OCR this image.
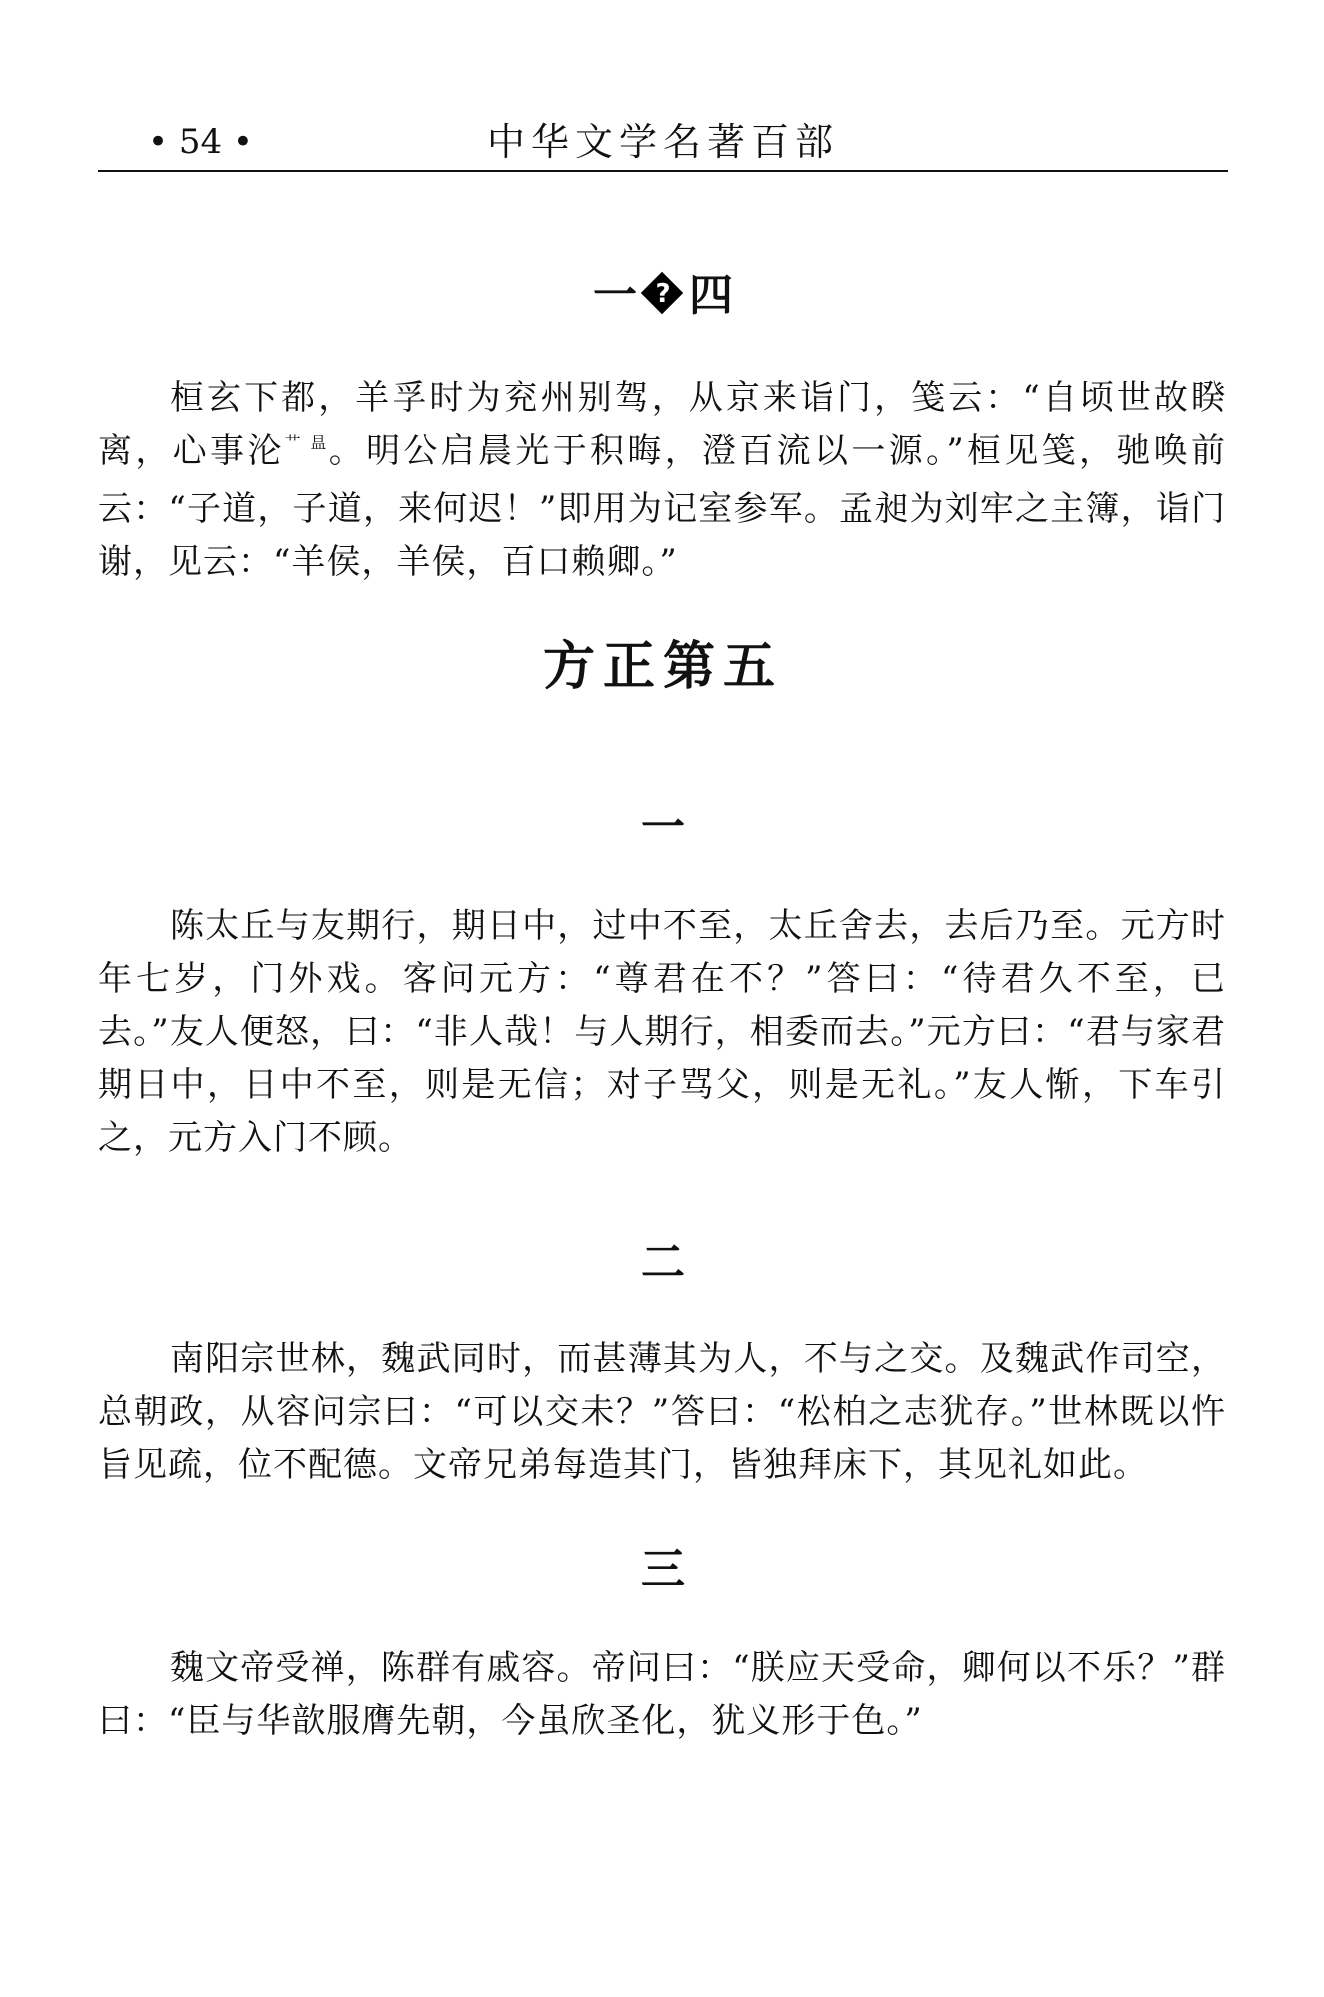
• 54 •	中华文学名著百部
一 ? 四

桓玄下都，羊孚时为兖州别驾，从京来诣门，笺云：“自顷世故睽离，心事沦$^{艹 昷}$。明公启晨光于积晦，澄百流以一源。”桓见笺，驰唤前云：“子道，子道，来何迟！”即用为记室参军。孟昶为刘牢之主簿，诣门谢，见云：“羊侯，羊侯，百口赖卿。”

方正第五
一

陈太丘与友期行，期日中，过中不至，太丘舍去，去后乃至。元方时年七岁，门外戏。客问元方：“尊君在不？”答曰：“待君久不至，已去。”友人便怒，曰：“非人哉！与人期行，相委而去。”元方曰：“君与家君期日中，日中不至，则是无信；对子骂父，则是无礼。”友人惭，下车引之，元方入门不顾。

二

南阳宗世林，魏武同时，而甚薄其为人，不与之交。及魏武作司空，总朝政，从容问宗曰：“可以交未？”答曰：“松柏之志犹存。”世林既以忤旨见疏，位不配德。文帝兄弟每造其门，皆独拜床下，其见礼如此。

三

魏文帝受禅，陈群有戚容。帝问曰：“朕应天受命，卿何以不乐？”群曰：“臣与华歆服膺先朝，今虽欣圣化，犹义形于色。”
